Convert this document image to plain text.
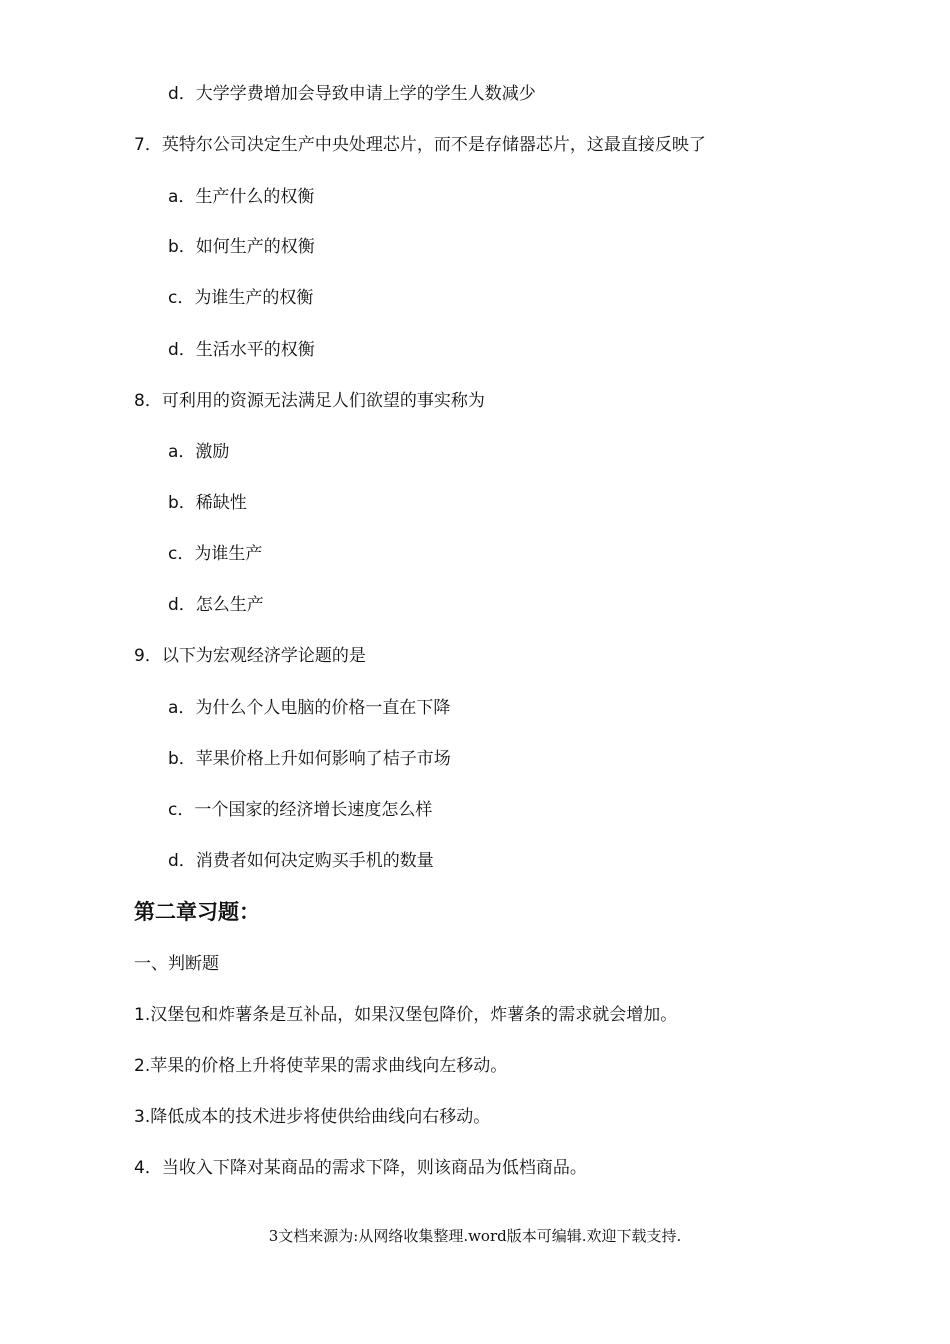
d．大学学费增加会导致申请上学的学生人数减少
7．英特尔公司决定生产中央处理芯片，而不是存储器芯片，这最直接反映了
a．生产什么的权衡
b．如何生产的权衡
c．为谁生产的权衡
d．生活水平的权衡
8．可利用的资源无法满足人们欲望的事实称为
a．激励
b．稀缺性
c．为谁生产
d．怎么生产
9．以下为宏观经济学论题的是
a．为什么个人电脑的价格一直在下降
b．苹果价格上升如何影响了桔子市场
c．一个国家的经济增长速度怎么样
d．消费者如何决定购买手机的数量
第二章习题：
一、判断题
1.汉堡包和炸薯条是互补品，如果汉堡包降价，炸薯条的需求就会增加。
2.苹果的价格上升将使苹果的需求曲线向左移动。
3.降低成本的技术进步将使供给曲线向右移动。
4．当收入下降对某商品的需求下降，则该商品为低档商品。
3文档来源为:从网络收集整理.word版本可编辑.欢迎下载支持.
